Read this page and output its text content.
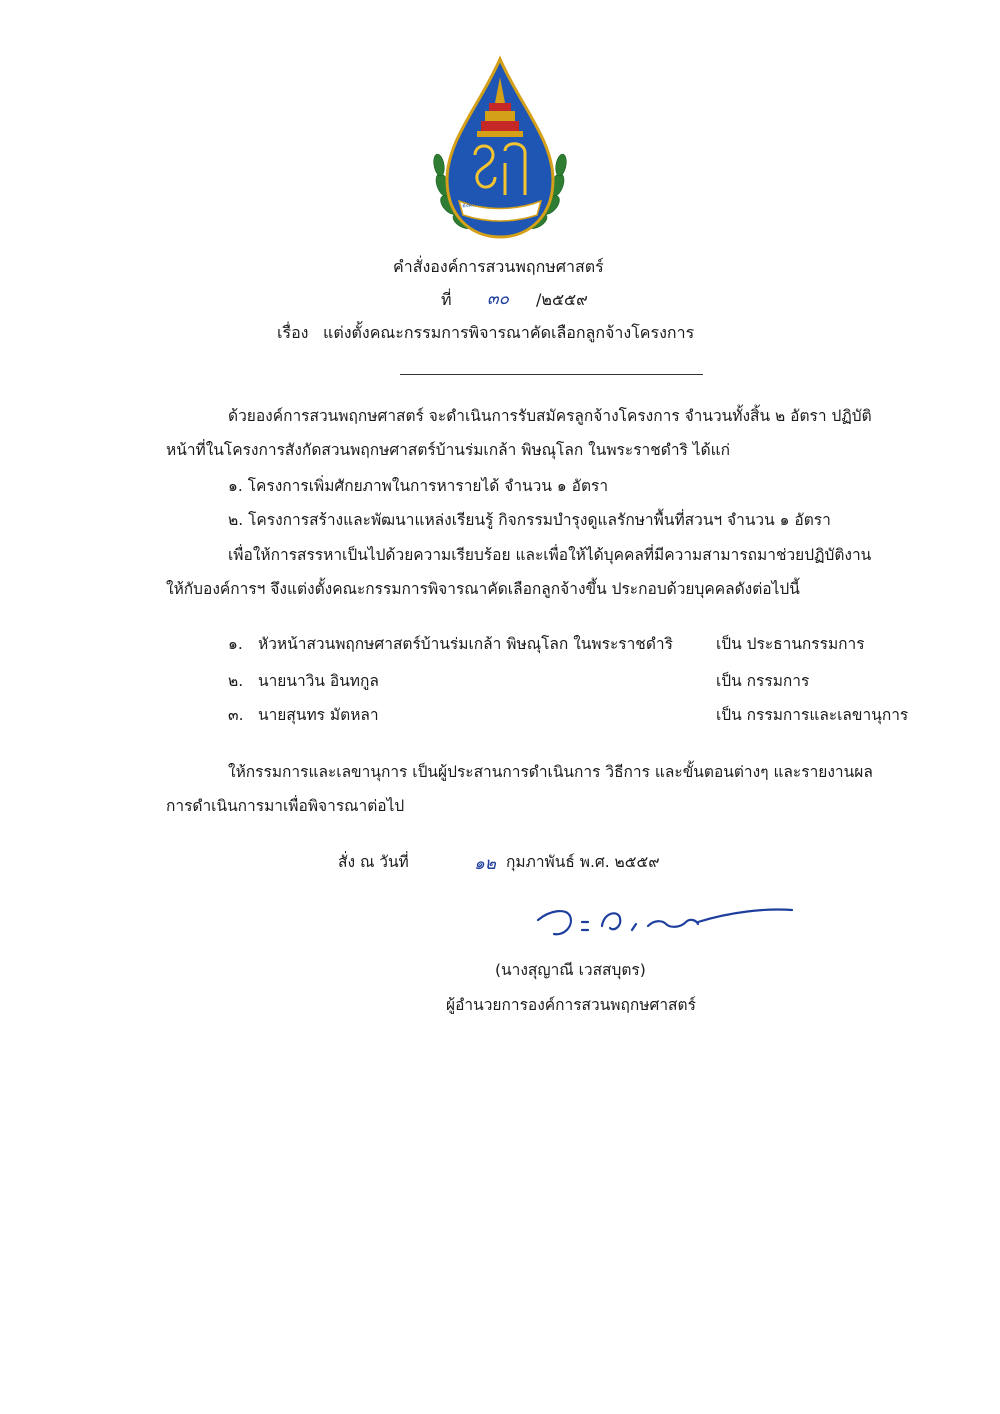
องค์การสวนพฤกษศาสตร์
คำสั่งองค์การสวนพฤกษศาสตร์
ที่ ๓๐ /๒๕๕๙
เรื่อง แต่งตั้งคณะกรรมการพิจารณาคัดเลือกลูกจ้างโครงการ
ด้วยองค์การสวนพฤกษศาสตร์ จะดำเนินการรับสมัครลูกจ้างโครงการ จำนวนทั้งสิ้น ๒ อัตรา ปฏิบัติ
หน้าที่ในโครงการสังกัดสวนพฤกษศาสตร์บ้านร่มเกล้า พิษณุโลก ในพระราชดำริ ได้แก่
๑. โครงการเพิ่มศักยภาพในการหารายได้ จำนวน ๑ อัตรา
๒. โครงการสร้างและพัฒนาแหล่งเรียนรู้ กิจกรรมบำรุงดูแลรักษาพื้นที่สวนฯ จำนวน ๑ อัตรา
เพื่อให้การสรรหาเป็นไปด้วยความเรียบร้อย และเพื่อให้ได้บุคคลที่มีความสามารถมาช่วยปฏิบัติงาน
ให้กับองค์การฯ จึงแต่งตั้งคณะกรรมการพิจารณาคัดเลือกลูกจ้างขึ้น ประกอบด้วยบุคคลดังต่อไปนี้
๑. หัวหน้าสวนพฤกษศาสตร์บ้านร่มเกล้า พิษณุโลก ในพระราชดำริ	เป็น ประธานกรรมการ
๒. นายนาวิน อินทกูล	เป็น กรรมการ
๓. นายสุนทร มัตหลา	เป็น กรรมการและเลขานุการ
ให้กรรมการและเลขานุการ เป็นผู้ประสานการดำเนินการ วิธีการ และขั้นตอนต่างๆ และรายงานผล
การดำเนินการมาเพื่อพิจารณาต่อไป
สั่ง ณ วันที่	๑๒ กุมภาพันธ์ พ.ศ. ๒๕๕๙
(นางสุญาณี เวสสบุตร)
ผู้อำนวยการองค์การสวนพฤกษศาสตร์
